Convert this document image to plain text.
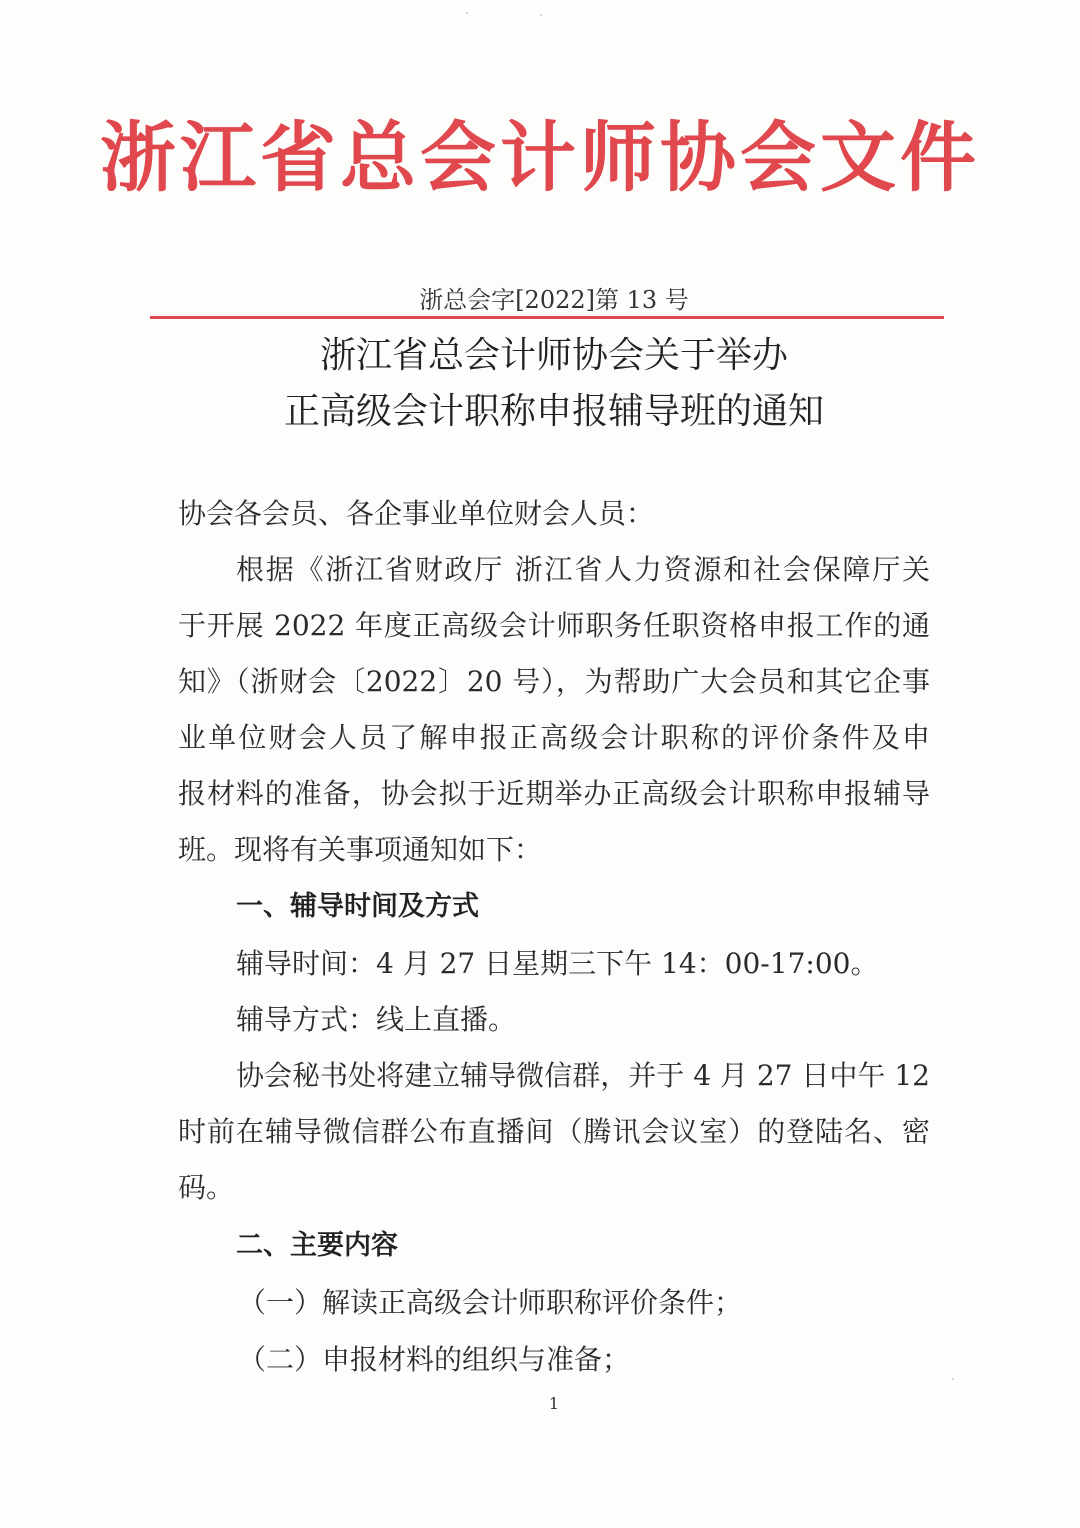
浙江省总会计师协会文件
浙总会字[2022]第 13 号
浙江省总会计师协会关于举办
正高级会计职称申报辅导班的通知
协会各会员、各企事业单位财会人员：
根据《浙江省财政厅 浙江省人力资源和社会保障厅关
于开展 2022 年度正高级会计师职务任职资格申报工作的通
知》（浙财会〔2022〕20 号），为帮助广大会员和其它企事
业单位财会人员了解申报正高级会计职称的评价条件及申
报材料的准备，协会拟于近期举办正高级会计职称申报辅导
班。现将有关事项通知如下：
一、辅导时间及方式
辅导时间：4 月 27 日星期三下午 14：00-17:00。
辅导方式：线上直播。
协会秘书处将建立辅导微信群，并于 4 月 27 日中午 12
时前在辅导微信群公布直播间（腾讯会议室）的登陆名、密
码。
二、主要内容
（一）解读正高级会计师职称评价条件；
（二）申报材料的组织与准备；
1
